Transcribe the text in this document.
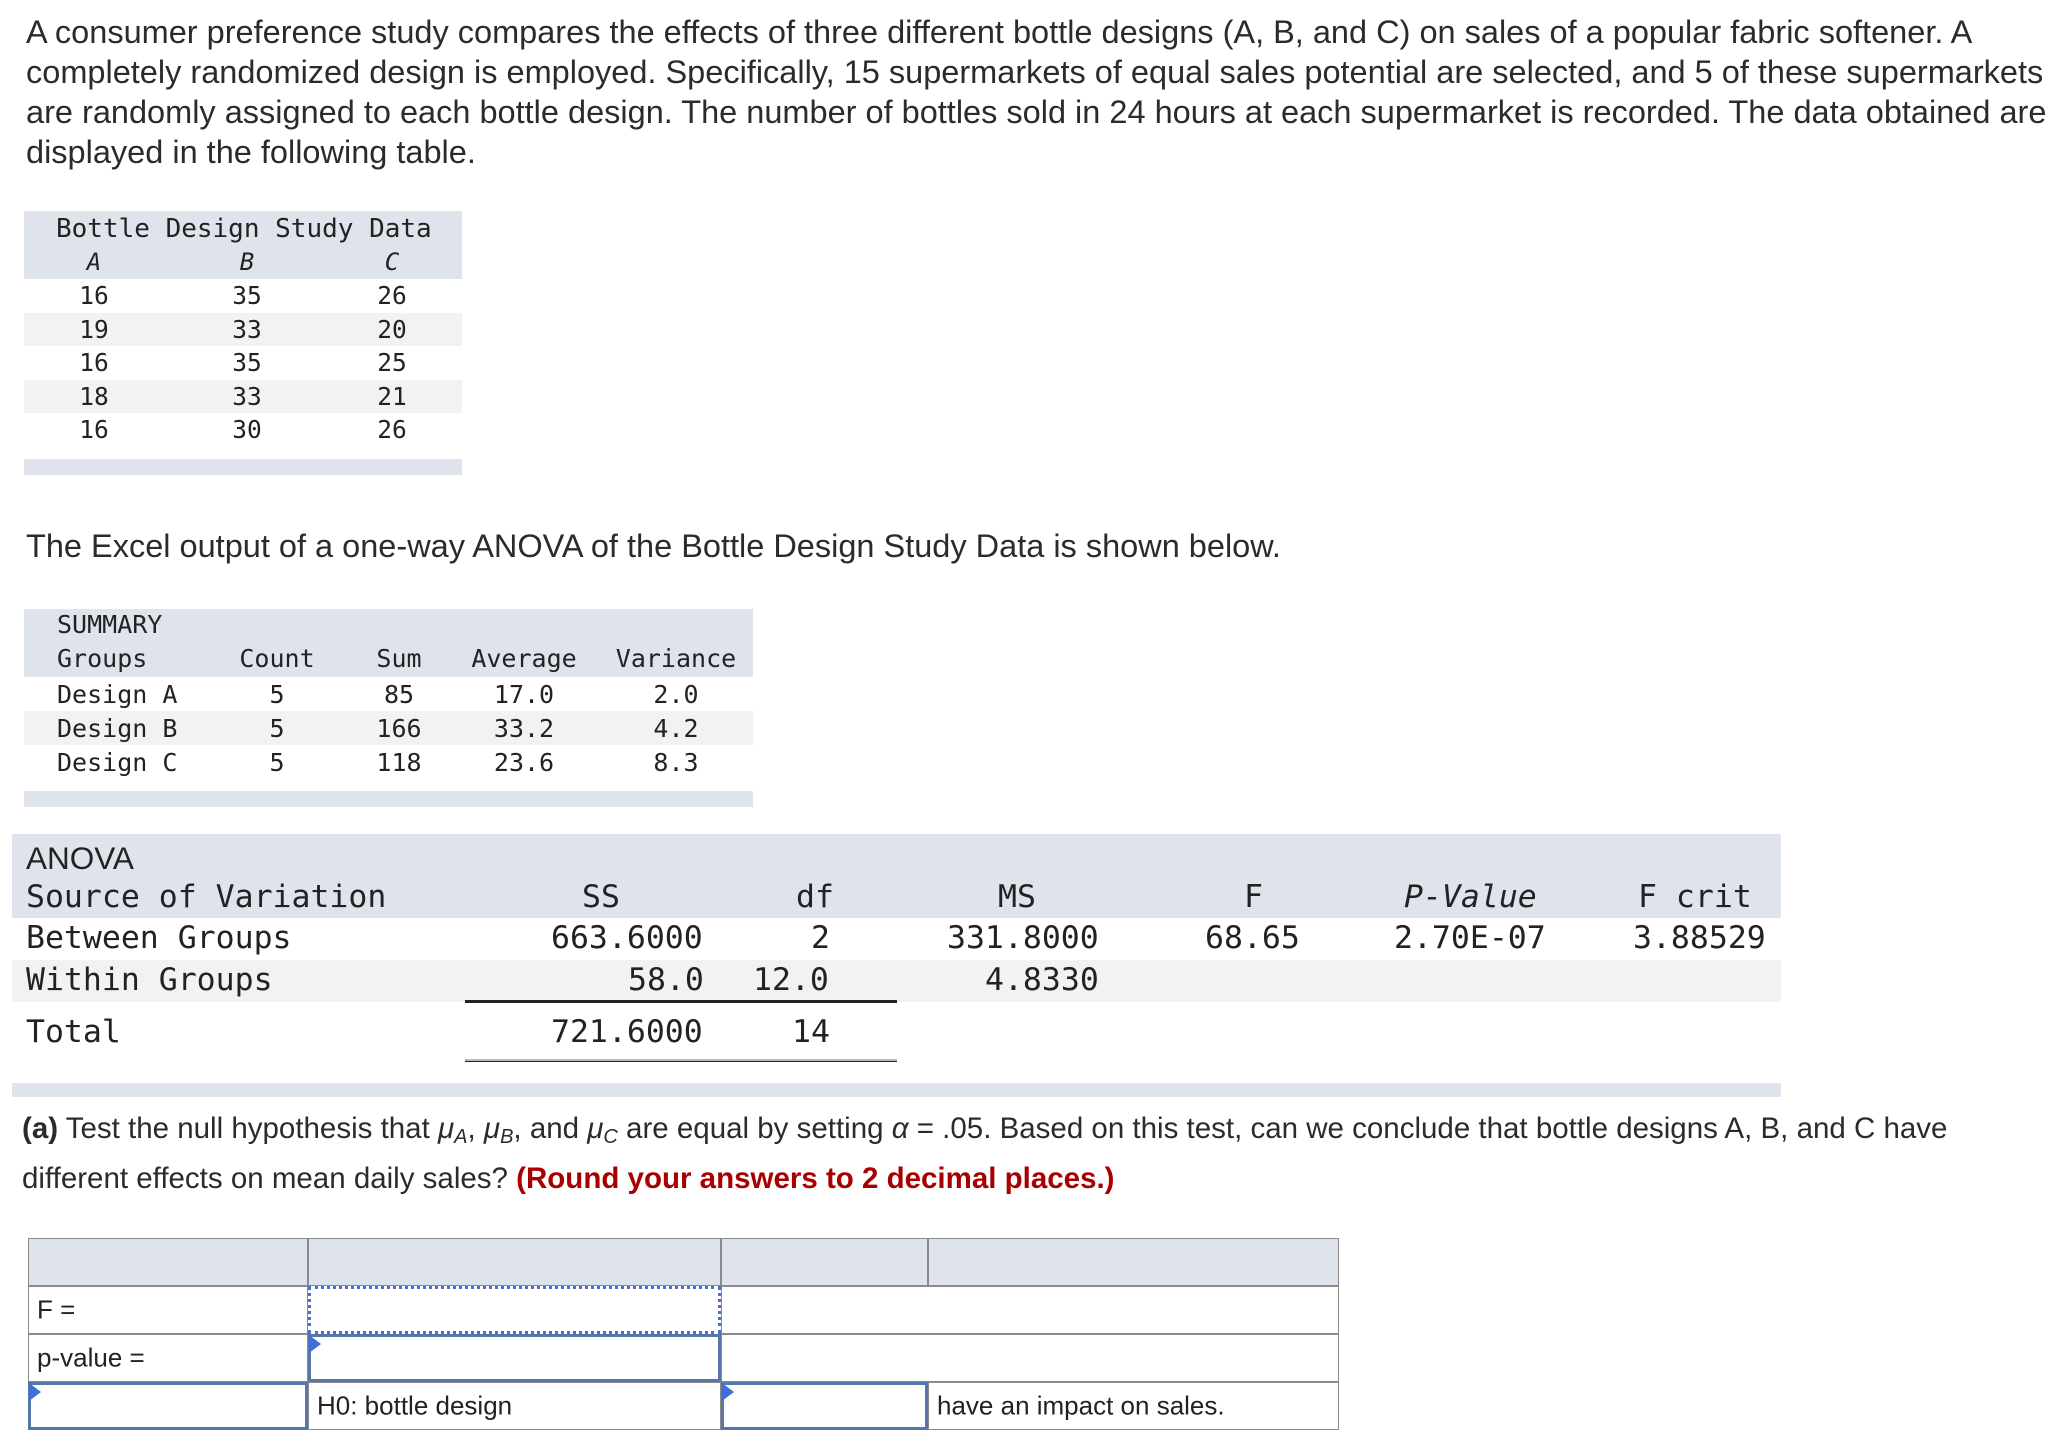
A consumer preference study compares the effects of three different bottle designs (A, B, and C) on sales of a popular fabric softener. A completely randomized design is employed. Specifically, 15 supermarkets of equal sales potential are selected, and 5 of these supermarkets are randomly assigned to each bottle design. The number of bottles sold in 24 hours at each supermarket is recorded. The data obtained are displayed in the following table.
Bottle Design Study Data
A	B	C
16	35	26
19	33	20
16	35	25
18	33	21
16	30	26
The Excel output of a one-way ANOVA of the Bottle Design Study Data is shown below.
SUMMARY
Groups	Count Sum Average Variance
Design A	5	85	17.0	2.0
Design B	5	166	33.2	4.2
Design C	5	118	23.6	8.3
ANOVA
Source of Variation	SS	df	MS	F	P-Value	F crit
Between Groups	663.6000	2	331.8000	68.65	2.70E-07	3.88529
Within Groups	58.0 12.0	4.8330
Total	721.6000	14
(a) Test the null hypothesis that $\mu_A$, $\mu_B$, and $\mu_C$ are equal by setting α = .05. Based on this test, can we conclude that bottle designs A, B, and C have different effects on mean daily sales? (Round your answers to 2 decimal places.)
F =
p-value =
H0: bottle design	have an impact on sales.
